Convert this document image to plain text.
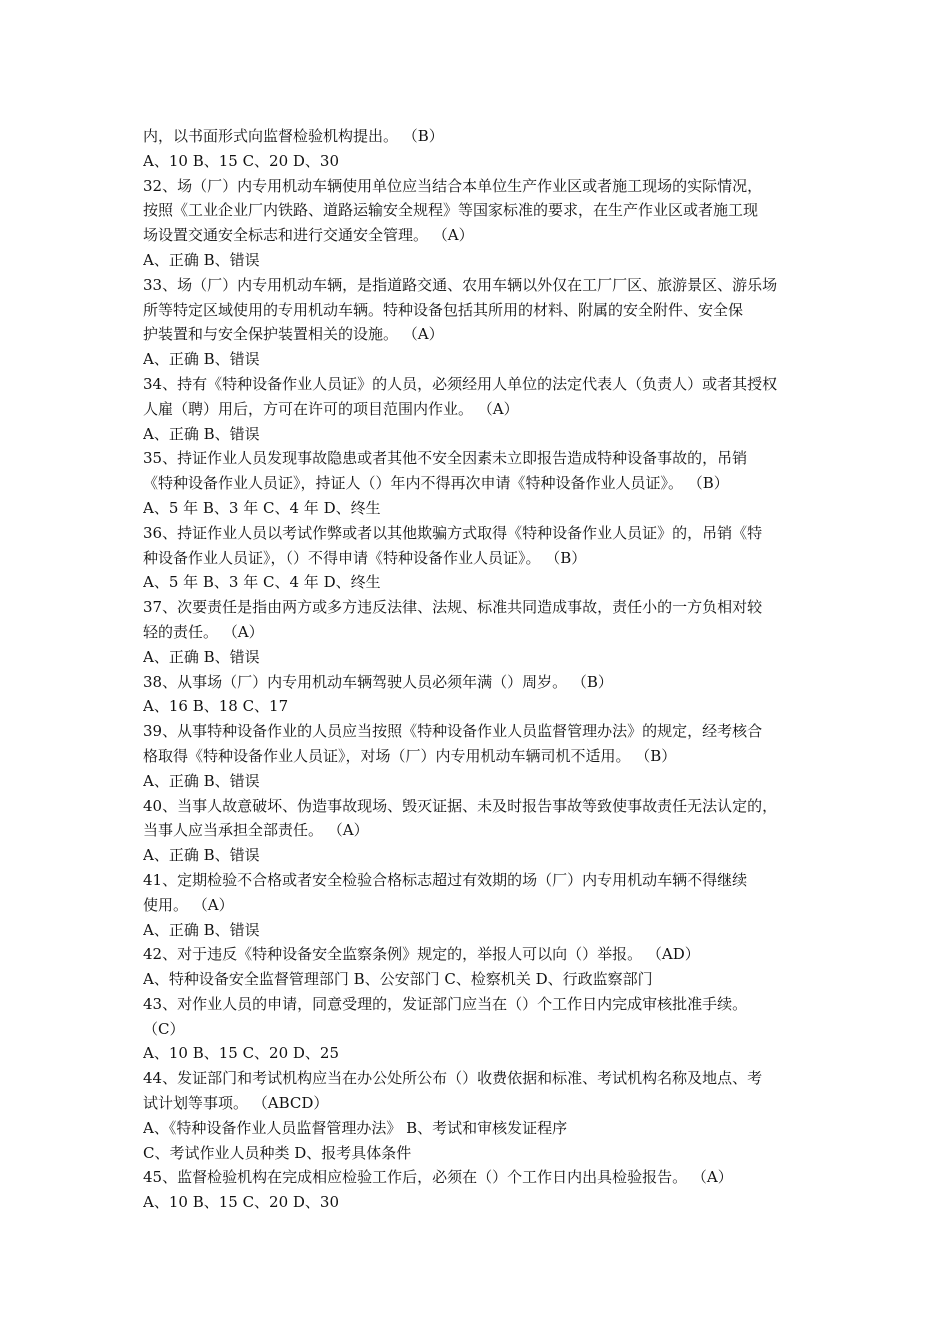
内，以书面形式向监督检验机构提出。 （B）
A、10 B、15 C、20 D、30
32、场（厂）内专用机动车辆使用单位应当结合本单位生产作业区或者施工现场的实际情况，
按照《工业企业厂内铁路、道路运输安全规程》等国家标准的要求，在生产作业区或者施工现
场设置交通安全标志和进行交通安全管理。 （A）
A、正确 B、错误
33、场（厂）内专用机动车辆，是指道路交通、农用车辆以外仅在工厂厂区、旅游景区、游乐场
所等特定区域使用的专用机动车辆。特种设备包括其所用的材料、附属的安全附件、安全保
护装置和与安全保护装置相关的设施。 （A）
A、正确 B、错误
34、持有《特种设备作业人员证》的人员，必须经用人单位的法定代表人（负责人）或者其授权
人雇（聘）用后，方可在许可的项目范围内作业。 （A）
A、正确 B、错误
35、持证作业人员发现事故隐患或者其他不安全因素未立即报告造成特种设备事故的，吊销
《特种设备作业人员证》，持证人（）年内不得再次申请《特种设备作业人员证》。 （B）
A、5 年 B、3 年 C、4 年 D、终生
36、持证作业人员以考试作弊或者以其他欺骗方式取得《特种设备作业人员证》的，吊销《特
种设备作业人员证》，（）不得申请《特种设备作业人员证》。 （B）
A、5 年 B、3 年 C、4 年 D、终生
37、次要责任是指由两方或多方违反法律、法规、标准共同造成事故，责任小的一方负相对较
轻的责任。 （A）
A、正确 B、错误
38、从事场（厂）内专用机动车辆驾驶人员必须年满（）周岁。 （B）
A、16 B、18 C、17
39、从事特种设备作业的人员应当按照《特种设备作业人员监督管理办法》的规定，经考核合
格取得《特种设备作业人员证》，对场（厂）内专用机动车辆司机不适用。 （B）
A、正确 B、错误
40、当事人故意破坏、伪造事故现场、毁灭证据、未及时报告事故等致使事故责任无法认定的，
当事人应当承担全部责任。 （A）
A、正确 B、错误
41、定期检验不合格或者安全检验合格标志超过有效期的场（厂）内专用机动车辆不得继续
使用。 （A）
A、正确 B、错误
42、对于违反《特种设备安全监察条例》规定的，举报人可以向（）举报。 （AD）
A、特种设备安全监督管理部门 B、公安部门 C、检察机关 D、行政监察部门
43、对作业人员的申请，同意受理的，发证部门应当在（）个工作日内完成审核批准手续。
（C）
A、10 B、15 C、20 D、25
44、发证部门和考试机构应当在办公处所公布（）收费依据和标准、考试机构名称及地点、考
试计划等事项。 （ABCD）
A、《特种设备作业人员监督管理办法》 B、考试和审核发证程序
C、考试作业人员种类 D、报考具体条件
45、监督检验机构在完成相应检验工作后，必须在（）个工作日内出具检验报告。 （A）
A、10 B、15 C、20 D、30
